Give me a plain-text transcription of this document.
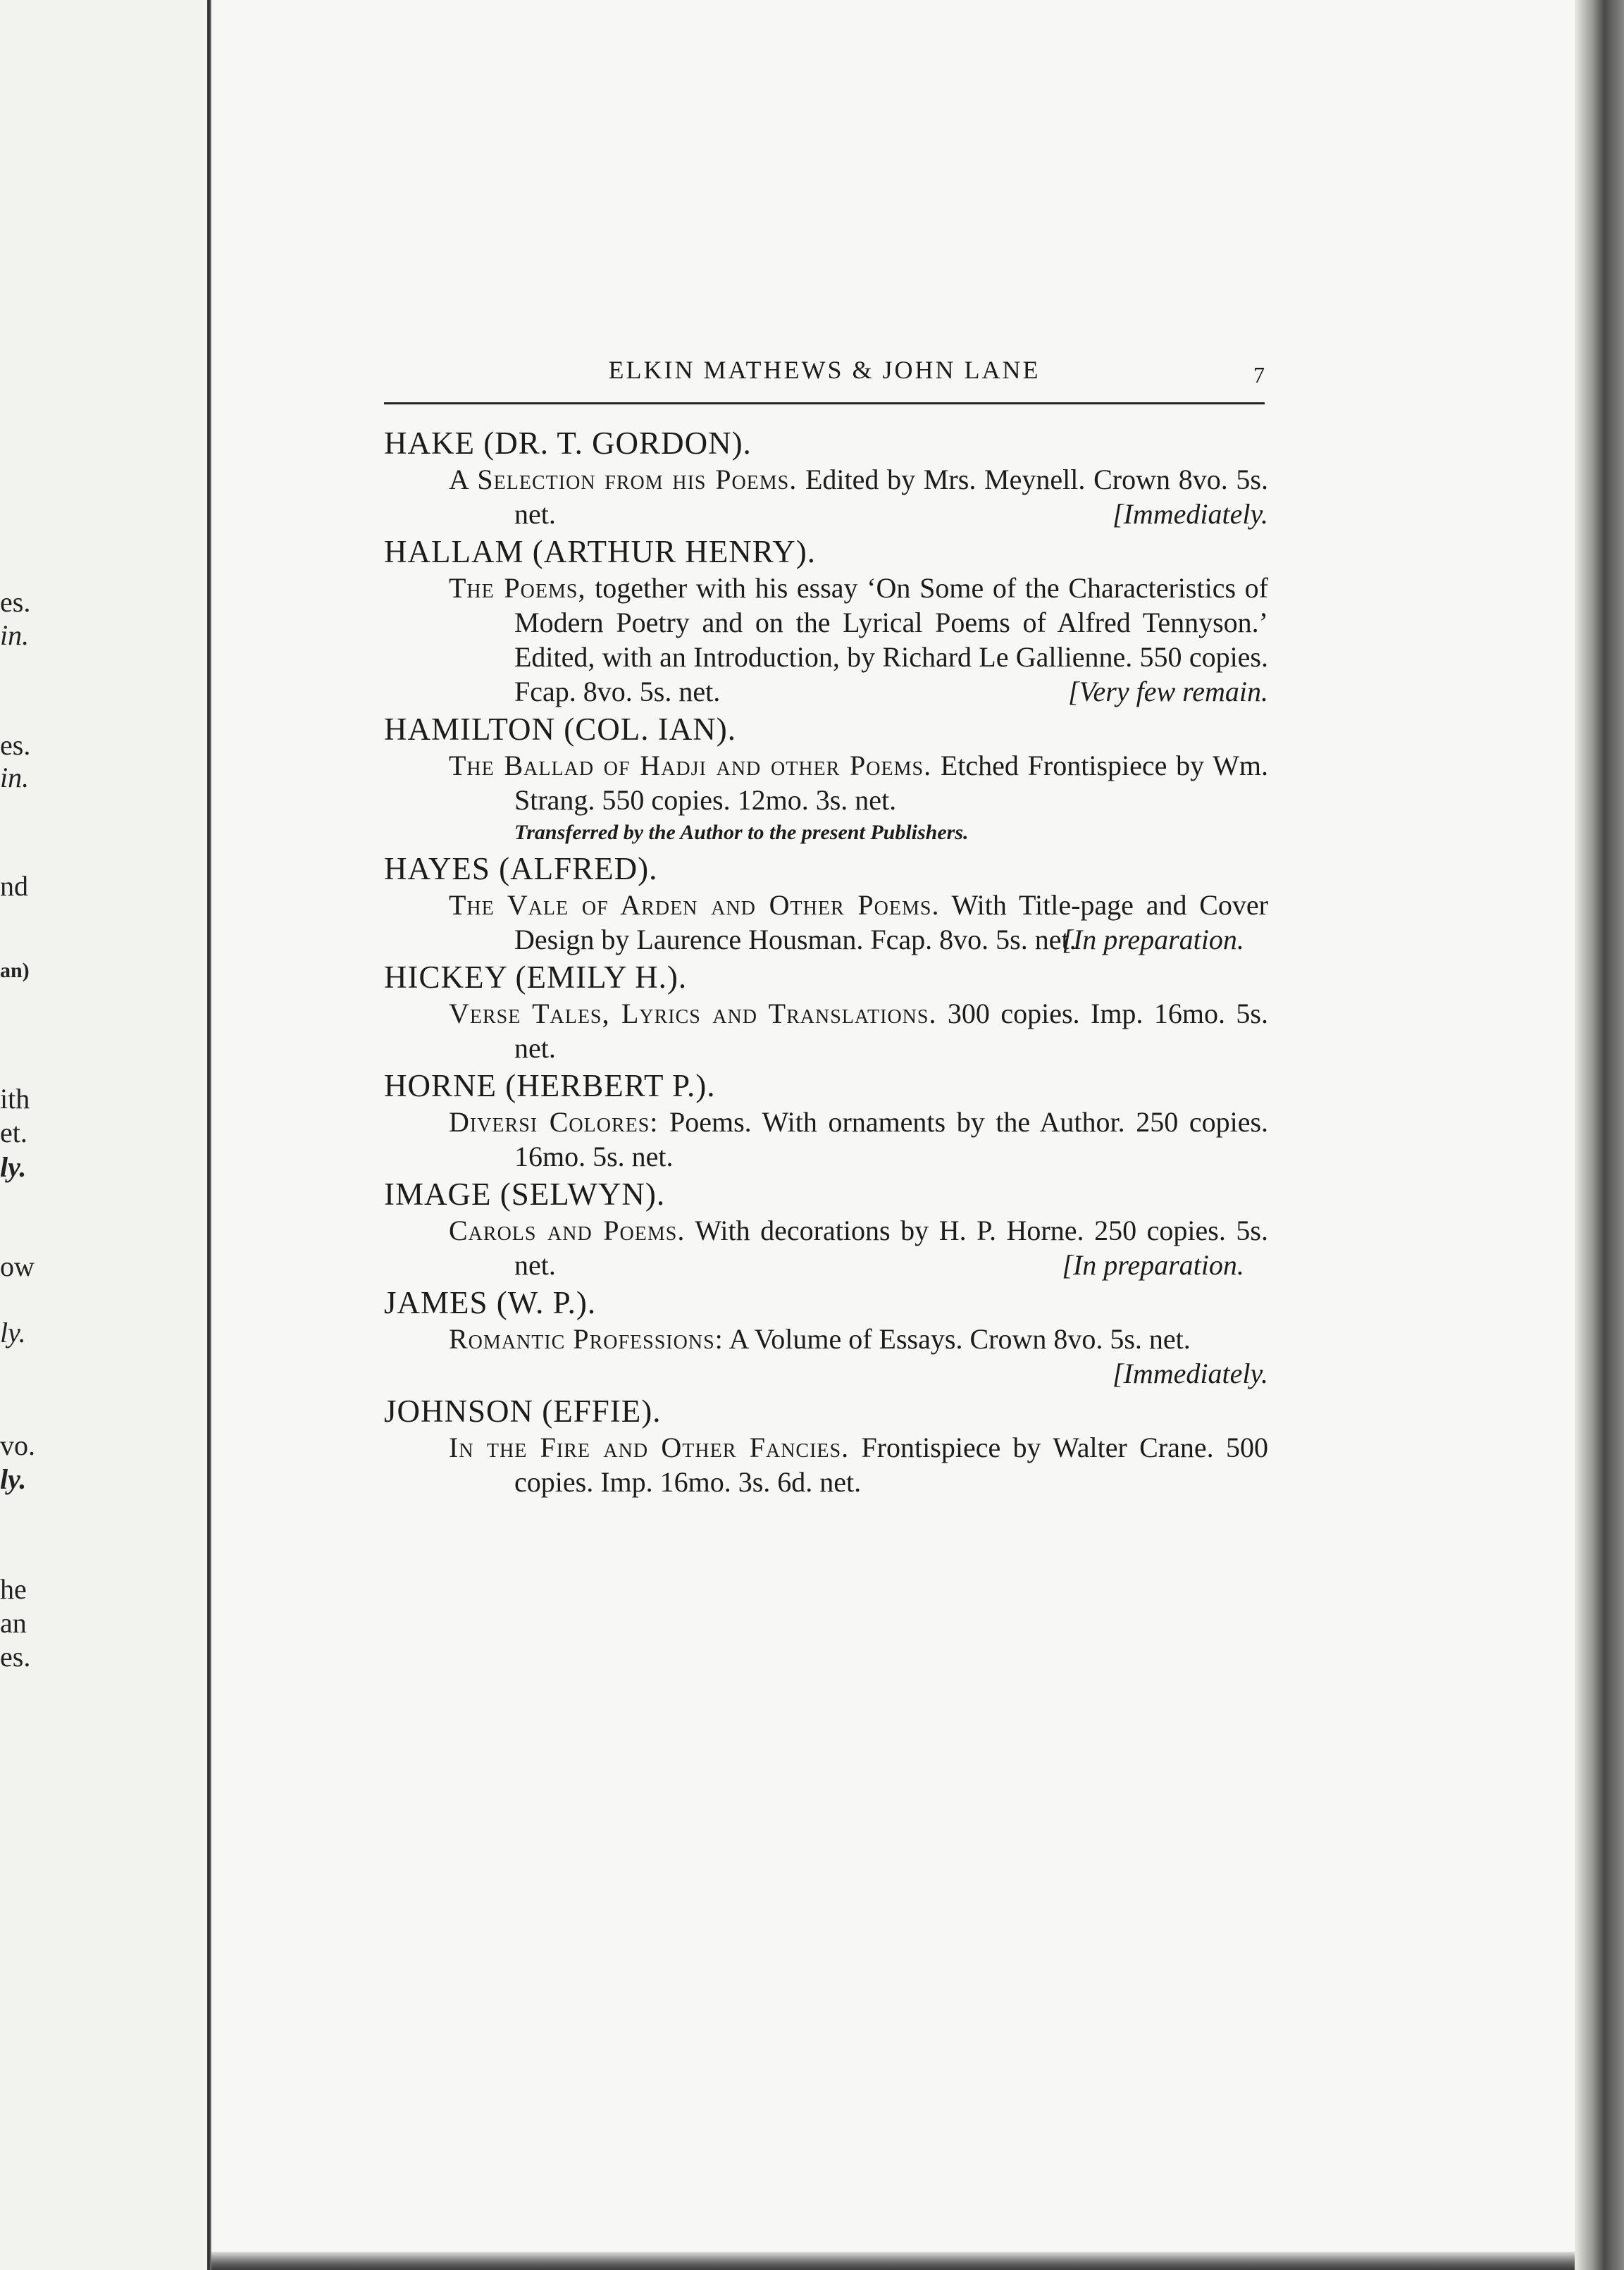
es.
in.
es.
in.
nd
an)
ith
et.
ly.
ow
ly.
vo.
ly.
he
an
es.
ELKIN MATHEWS & JOHN LANE	7

HAKE (DR. T. GORDON).

A Selection from his Poems. Edited by Mrs. Meynell. Crown 8vo. 5s. net.	[Immediately.

HALLAM (ARTHUR HENRY).

The Poems, together with his essay ‘On Some of the Characteristics of Modern Poetry and on the Lyrical Poems of Alfred Tennyson.’ Edited, with an Introduction, by Richard Le Gallienne. 550 copies. Fcap. 8vo. 5s. net.	[Very few remain.

HAMILTON (COL. IAN).

The Ballad of Hadji and other Poems. Etched Frontispiece by Wm. Strang. 550 copies. 12mo. 3s. net.

Transferred by the Author to the present Publishers.

HAYES (ALFRED).

The Vale of Arden and Other Poems. With Title-page and Cover Design by Laurence Housman. Fcap. 8vo. 5s. net.
[In preparation.

HICKEY (EMILY H.).

Verse Tales, Lyrics and Translations. 300 copies. Imp. 16mo. 5s. net.

HORNE (HERBERT P.).

Diversi Colores: Poems. With ornaments by the Author. 250 copies. 16mo. 5s. net.

IMAGE (SELWYN).

Carols and Poems. With decorations by H. P. Horne. 250 copies. 5s. net.	[In preparation.

JAMES (W. P.).

Romantic Professions: A Volume of Essays. Crown 8vo. 5s. net.
[Immediately.

JOHNSON (EFFIE).

In the Fire and Other Fancies. Frontispiece by Walter Crane. 500 copies. Imp. 16mo. 3s. 6d. net.
